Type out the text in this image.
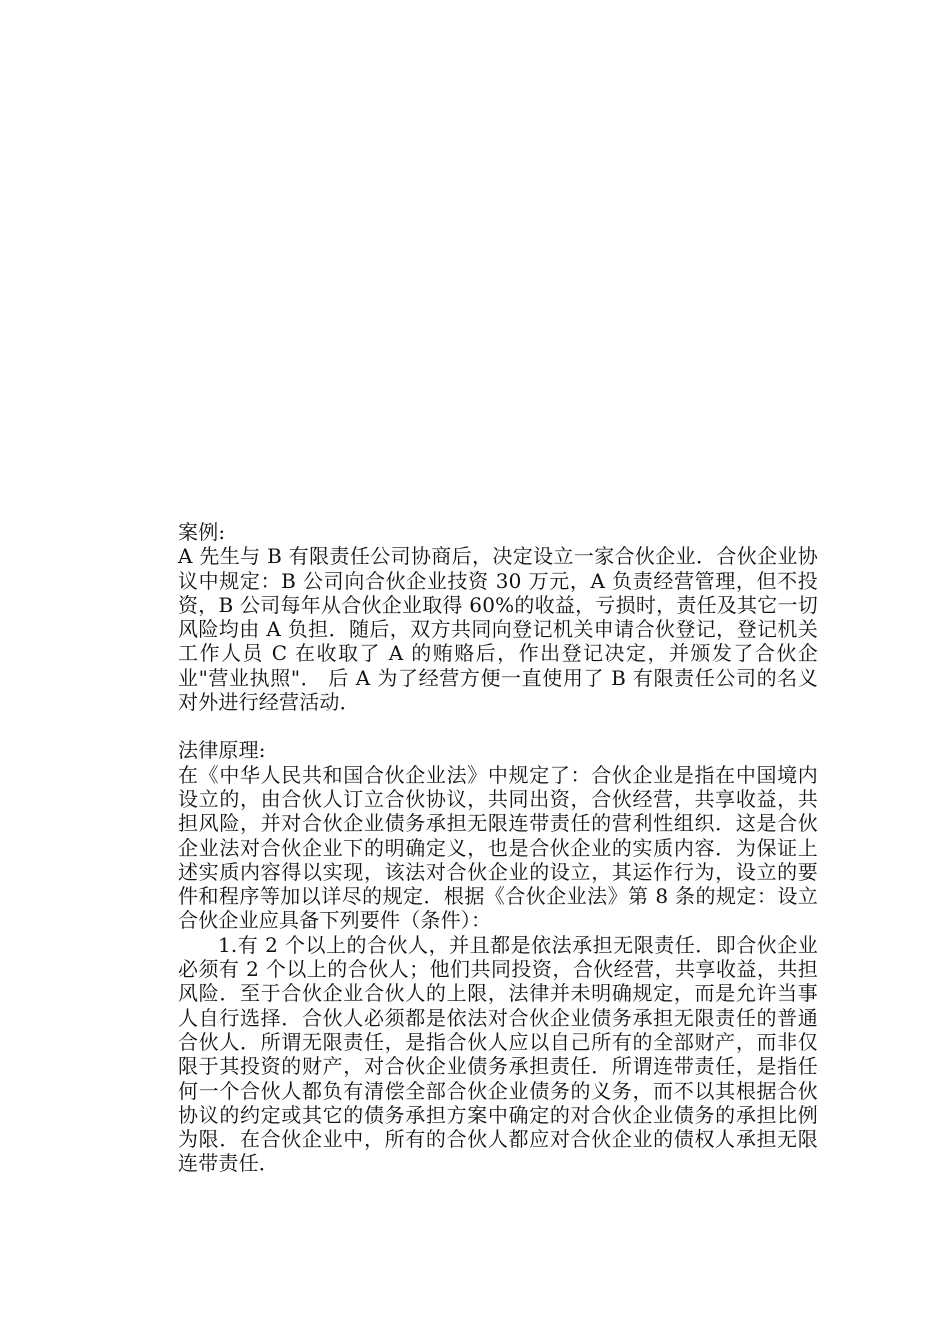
案例:

A 先生与 B 有限责任公司协商后，决定设立一家合伙企业．合伙企业协议中规定：B 公司向合伙企业技资 30 万元，A 负责经营管理，但不投资，B 公司每年从合伙企业取得 60%的收益，亏损时，责任及其它一切风险均由 A 负担．随后，双方共同向登记机关申请合伙登记，登记机关工作人员 C 在收取了 A 的贿赂后，作出登记决定，并颁发了合伙企业"营业执照"． 后 A 为了经营方便一直使用了 B 有限责任公司的名义对外进行经营活动．

法律原理:

在《中华人民共和国合伙企业法》中规定了：合伙企业是指在中国境内设立的，由合伙人订立合伙协议，共同出资，合伙经营，共享收益，共担风险，并对合伙企业债务承担无限连带责任的营利性组织．这是合伙企业法对合伙企业下的明确定义，也是合伙企业的实质内容．为保证上述实质内容得以实现，该法对合伙企业的设立，其运作行为，设立的要件和程序等加以详尽的规定．根据《合伙企业法》第 8 条的规定：设立合伙企业应具备下列要件（条件）：

1.有 2 个以上的合伙人，并且都是依法承担无限责任．即合伙企业必须有 2 个以上的合伙人；他们共同投资，合伙经营，共享收益，共担风险．至于合伙企业合伙人的上限，法律并未明确规定，而是允许当事人自行选择．合伙人必须都是依法对合伙企业债务承担无限责任的普通合伙人．所谓无限责任，是指合伙人应以自己所有的全部财产，而非仅限于其投资的财产，对合伙企业债务承担责任．所谓连带责任，是指任何一个合伙人都负有清偿全部合伙企业债务的义务，而不以其根据合伙协议的约定或其它的债务承担方案中确定的对合伙企业债务的承担比例为限．在合伙企业中，所有的合伙人都应对合伙企业的债权人承担无限连带责任．
